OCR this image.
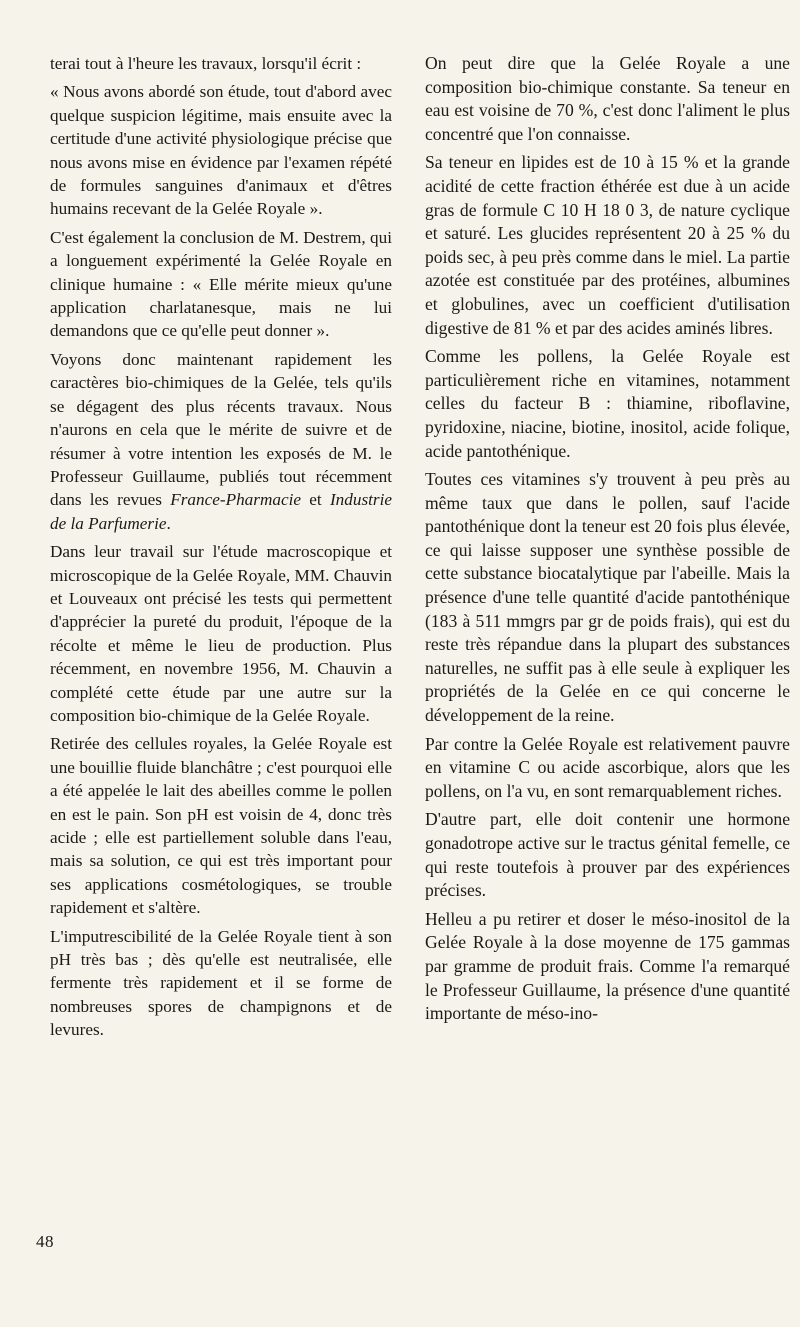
terai tout à l'heure les travaux, lorsqu'il écrit :

« Nous avons abordé son étude, tout d'abord avec quelque suspicion légitime, mais ensuite avec la certitude d'une activité physiologique précise que nous avons mise en évidence par l'examen répété de formules sanguines d'animaux et d'êtres humains recevant de la Gelée Royale ».

C'est également la conclusion de M. Destrem, qui a longuement expérimenté la Gelée Royale en clinique humaine : « Elle mérite mieux qu'une application charlatanesque, mais ne lui demandons que ce qu'elle peut donner ».

Voyons donc maintenant rapidement les caractères bio-chimiques de la Gelée, tels qu'ils se dégagent des plus récents travaux. Nous n'aurons en cela que le mérite de suivre et de résumer à votre intention les exposés de M. le Professeur Guillaume, publiés tout récemment dans les revues France-Pharmacie et Industrie de la Parfumerie.

Dans leur travail sur l'étude macroscopique et microscopique de la Gelée Royale, MM. Chauvin et Louveaux ont précisé les tests qui permettent d'apprécier la pureté du produit, l'époque de la récolte et même le lieu de production. Plus récemment, en novembre 1956, M. Chauvin a complété cette étude par une autre sur la composition bio-chimique de la Gelée Royale.

Retirée des cellules royales, la Gelée Royale est une bouillie fluide blanchâtre ; c'est pourquoi elle a été appelée le lait des abeilles comme le pollen en est le pain. Son pH est voisin de 4, donc très acide ; elle est partiellement soluble dans l'eau, mais sa solution, ce qui est très important pour ses applications cosmétologiques, se trouble rapidement et s'altère.

L'imputrescibilité de la Gelée Royale tient à son pH très bas ; dès qu'elle est neutralisée, elle fermente très rapidement et il se forme de nombreuses spores de champignons et de levures.

On peut dire que la Gelée Royale a une composition bio-chimique constante. Sa teneur en eau est voisine de 70 %, c'est donc l'aliment le plus concentré que l'on connaisse.

Sa teneur en lipides est de 10 à 15 % et la grande acidité de cette fraction éthérée est due à un acide gras de formule C 10 H 18 0 3, de nature cyclique et saturé. Les glucides représentent 20 à 25 % du poids sec, à peu près comme dans le miel. La partie azotée est constituée par des protéines, albumines et globulines, avec un coefficient d'utilisation digestive de 81 % et par des acides aminés libres.

Comme les pollens, la Gelée Royale est particulièrement riche en vitamines, notamment celles du facteur B : thiamine, riboflavine, pyridoxine, niacine, biotine, inositol, acide folique, acide pantothénique.

Toutes ces vitamines s'y trouvent à peu près au même taux que dans le pollen, sauf l'acide pantothénique dont la teneur est 20 fois plus élevée, ce qui laisse supposer une synthèse possible de cette substance biocatalytique par l'abeille. Mais la présence d'une telle quantité d'acide pantothénique (183 à 511 mmgrs par gr de poids frais), qui est du reste très répandue dans la plupart des substances naturelles, ne suffit pas à elle seule à expliquer les propriétés de la Gelée en ce qui concerne le développement de la reine.

Par contre la Gelée Royale est relativement pauvre en vitamine C ou acide ascorbique, alors que les pollens, on l'a vu, en sont remarquablement riches.

D'autre part, elle doit contenir une hormone gonadotrope active sur le tractus génital femelle, ce qui reste toutefois à prouver par des expériences précises.

Helleu a pu retirer et doser le méso-inositol de la Gelée Royale à la dose moyenne de 175 gammas par gramme de produit frais. Comme l'a remarqué le Professeur Guillaume, la présence d'une quantité importante de méso-ino-

48
